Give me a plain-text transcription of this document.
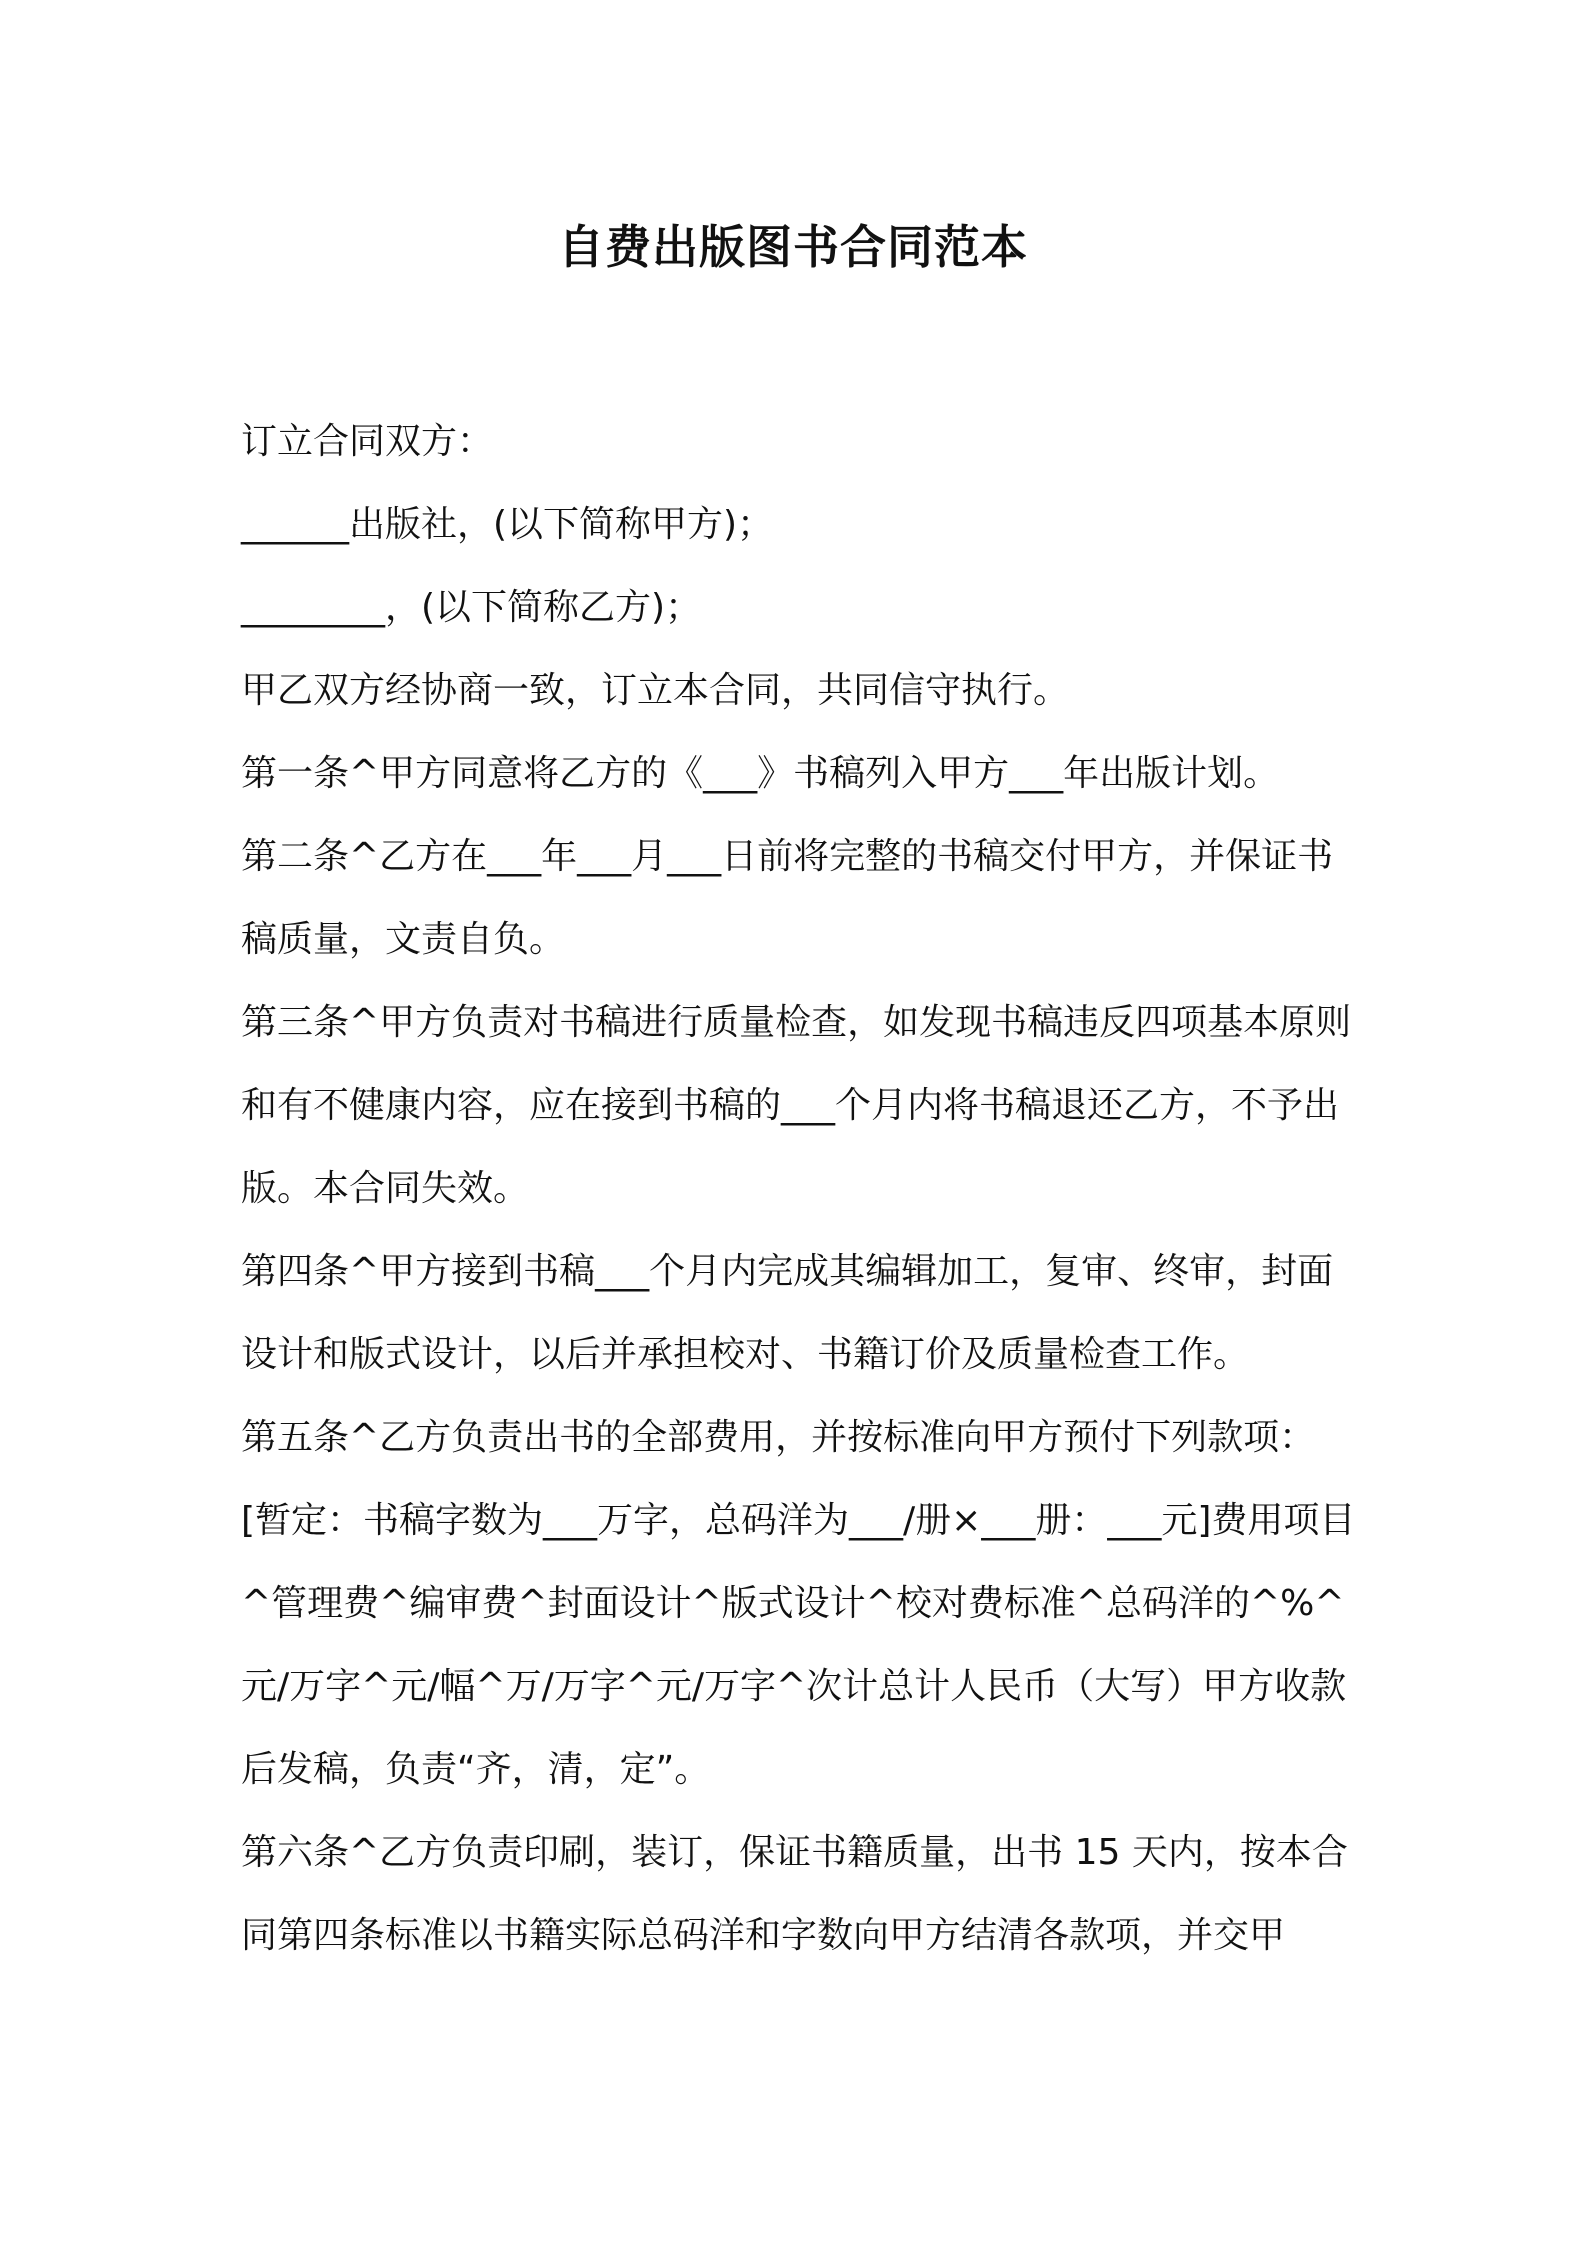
自费出版图书合同范本

订立合同双方：

______出版社，(以下简称甲方)；

________，(以下简称乙方)；

甲乙双方经协商一致，订立本合同，共同信守执行。

第一条^甲方同意将乙方的《___》书稿列入甲方___年出版计划。

第二条^乙方在___年___月___日前将完整的书稿交付甲方，并保证书稿质量，文责自负。

第三条^甲方负责对书稿进行质量检查，如发现书稿违反四项基本原则和有不健康内容，应在接到书稿的___个月内将书稿退还乙方，不予出版。本合同失效。

第四条^甲方接到书稿___个月内完成其编辑加工，复审、终审，封面设计和版式设计，以后并承担校对、书籍订价及质量检查工作。

第五条^乙方负责出书的全部费用，并按标准向甲方预付下列款项：[暂定：书稿字数为___万字，总码洋为___/册×___册：___元]费用项目^管理费^编审费^封面设计^版式设计^校对费标准^总码洋的^%^元/万字^元/幅^万/万字^元/万字^次计总计人民币（大写）甲方收款后发稿，负责“齐，清，定”。

第六条^乙方负责印刷，装订，保证书籍质量，出书 15 天内，按本合同第四条标准以书籍实际总码洋和字数向甲方结清各款项，并交甲
